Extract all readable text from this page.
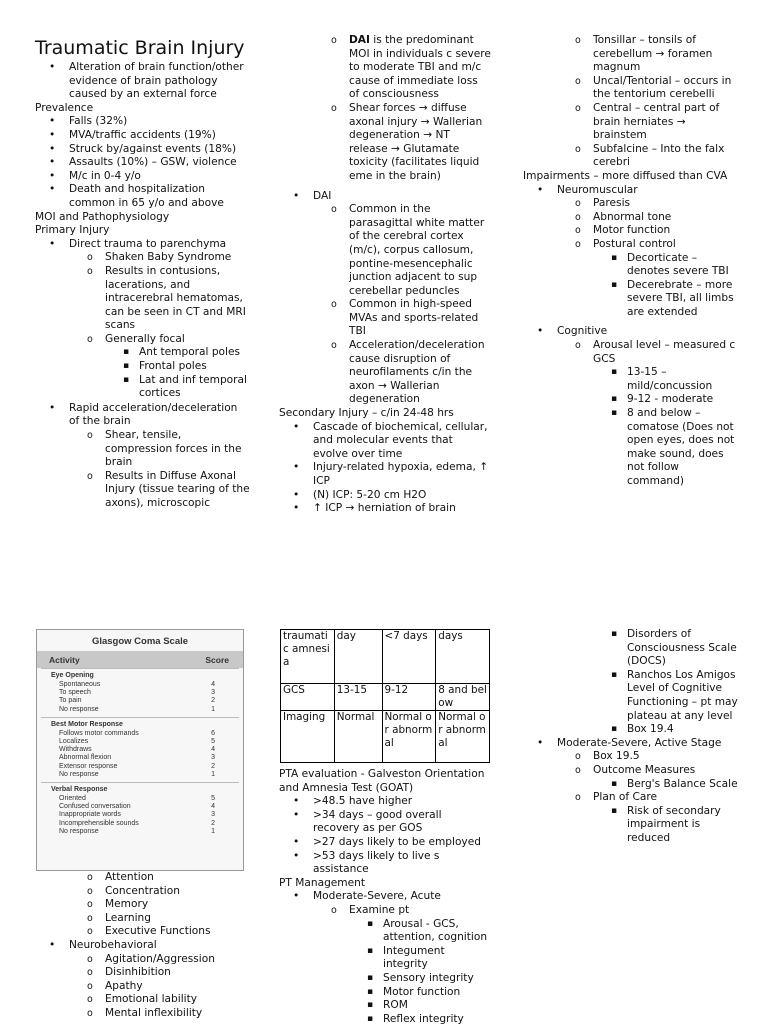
Traumatic Brain Injury
• Alteration of brain function/other evidence of brain pathology caused by an external force

Prevalence

• Falls (32%)
• MVA/traffic accidents (19%)
• Struck by/against events (18%)
• Assaults (10%) – GSW, violence
• M/c in 0-4 y/o
• Death and hospitalization common in 65 y/o and above

MOI and Pathophysiology

Primary Injury

• Direct trauma to parenchyma
o Shaken Baby Syndrome
o Results in contusions, lacerations, and intracerebral hematomas, can be seen in CT and MRI scans
o Generally focal
▪ Ant temporal poles
▪ Frontal poles
▪ Lat and inf temporal cortices
• Rapid acceleration/deceleration of the brain
o Shear, tensile, compression forces in the brain
o Results in Diffuse Axonal Injury (tissue tearing of the axons), microscopic
o DAI is the predominant MOI in individuals c severe to moderate TBI and m/c cause of immediate loss of consciousness
o Shear forces → diffuse axonal injury → Wallerian degeneration → NT release → Glutamate toxicity (facilitates liquid eme in the brain)
• DAI
o Common in the parasagittal white matter of the cerebral cortex (m/c), corpus callosum, pontine-mesencephalic junction adjacent to sup cerebellar peduncles
o Common in high-speed MVAs and sports-related TBI
o Acceleration/deceleration cause disruption of neurofilaments c/in the axon → Wallerian degeneration

Secondary Injury – c/in 24-48 hrs

• Cascade of biochemical, cellular, and molecular events that evolve over time
• Injury-related hypoxia, edema, ↑ ICP
• (N) ICP: 5-20 cm H2O
• ↑ ICP → herniation of brain
o Tonsillar – tonsils of cerebellum → foramen magnum
o Uncal/Tentorial – occurs in the tentorium cerebelli
o Central – central part of brain herniates → brainstem
o Subfalcine – Into the falx cerebri

Impairments – more diffused than CVA

• Neuromuscular
o Paresis
o Abnormal tone
o Motor function
o Postural control
▪ Decorticate – denotes severe TBI
▪ Decerebrate – more severe TBI, all limbs are extended
• Cognitive
o Arousal level – measured c GCS
▪ 13-15 – mild/concussion
▪ 9-12 - moderate
▪ 8 and below – comatose (Does not open eyes, does not make sound, does not follow command)
Glasgow Coma Scale
Activity	Score
Eye Opening
Spontaneous	4
To speech	3
To pain	2
No response	1
Best Motor Response
Follows motor commands	6
Localizes	5
Withdraws	4
Abnormal flexion	3
Extensor response	2
No response	1
Verbal Response
Oriented	5
Confused conversation	4
Inappropriate words	3
Incomprehensible sounds	2
No response	1
o Attention
o Concentration
o Memory
o Learning
o Executive Functions
• Neurobehavioral
o Agitation/Aggression
o Disinhibition
o Apathy
o Emotional lability
o Mental inflexibility
traumatic amnesia	day	<7 days	days
GCS	13-15	9-12	8 and below
Imaging	Normal	Normal or abnormal	Normal or abnormal

PTA evaluation - Galveston Orientation and Amnesia Test (GOAT)

• >48.5 have higher
• >34 days – good overall recovery as per GOS
• >27 days likely to be employed
• >53 days likely to live s assistance

PT Management

• Moderate-Severe, Acute
o Examine pt
▪ Arousal - GCS, attention, cognition
▪ Integument integrity
▪ Sensory integrity
▪ Motor function
▪ ROM
▪ Reflex integrity
▪ Disorders of Consciousness Scale (DOCS)
▪ Ranchos Los Amigos Level of Cognitive Functioning – pt may plateau at any level
▪ Box 19.4
• Moderate-Severe, Active Stage
o Box 19.5
o Outcome Measures
▪ Berg's Balance Scale
o Plan of Care
▪ Risk of secondary impairment is reduced
